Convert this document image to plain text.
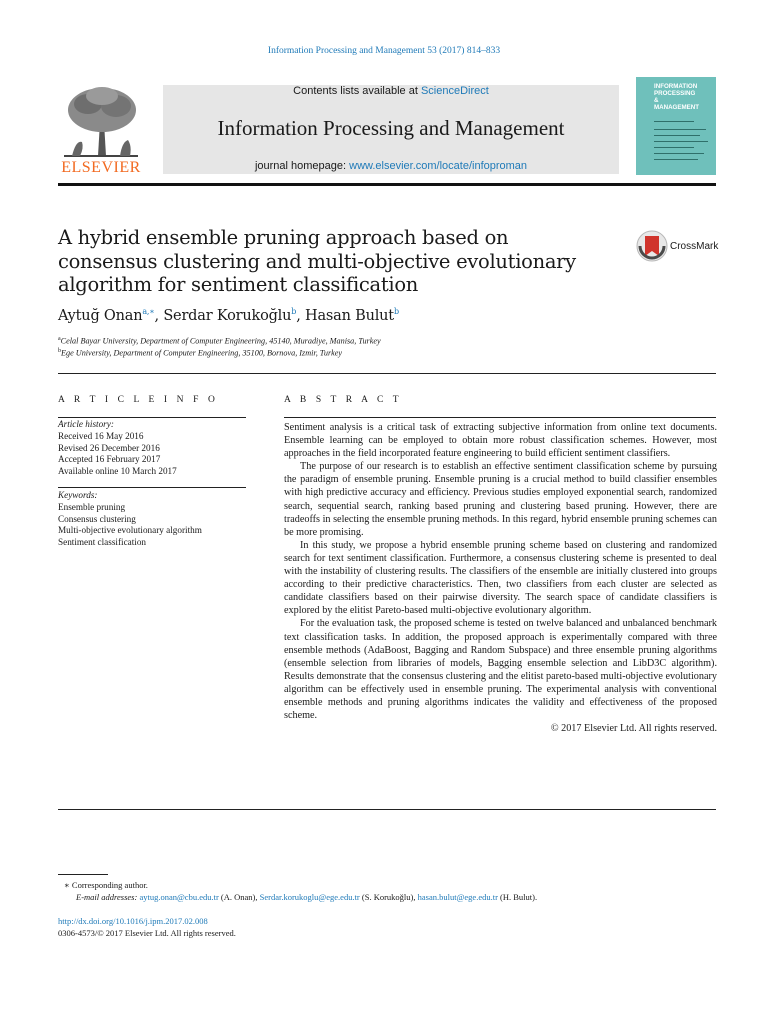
Information Processing and Management 53 (2017) 814–833
ELSEVIER
Contents lists available at ScienceDirect
Information Processing and Management
journal homepage: www.elsevier.com/locate/infoproman
INFORMATION
PROCESSING
&
MANAGEMENT
A hybrid ensemble pruning approach based on consensus clustering and multi-objective evolutionary algorithm for sentiment classification
CrossMark
Aytuğ Onan$^{a,∗}$, Serdar Korukoğlu$^b$, Hasan Bulut$^b$
$^a$Celal Bayar University, Department of Computer Engineering, 45140, Muradiye, Manisa, Turkey
$^b$Ege University, Department of Computer Engineering, 35100, Bornova, Izmir, Turkey
A R T I C L E I N F O
Article history:
Received 16 May 2016
Revised 26 December 2016
Accepted 16 February 2017
Available online 10 March 2017
Keywords:
Ensemble pruning
Consensus clustering
Multi-objective evolutionary algorithm
Sentiment classification
A B S T R A C T

Sentiment analysis is a critical task of extracting subjective information from online text documents. Ensemble learning can be employed to obtain more robust classification schemes. However, most approaches in the field incorporated feature engineering to build efficient sentiment classifiers.

The purpose of our research is to establish an effective sentiment classification scheme by pursuing the paradigm of ensemble pruning. Ensemble pruning is a crucial method to build classifier ensembles with high predictive accuracy and efficiency. Previous studies employed exponential search, randomized search, sequential search, ranking based pruning and clustering based pruning. However, there are tradeoffs in selecting the ensemble pruning methods. In this regard, hybrid ensemble pruning schemes can be more promising.

In this study, we propose a hybrid ensemble pruning scheme based on clustering and randomized search for text sentiment classification. Furthermore, a consensus clustering scheme is presented to deal with the instability of clustering results. The classifiers of the ensemble are initially clustered into groups according to their predictive characteristics. Then, two classifiers from each cluster are selected as candidate classifiers based on their pairwise diversity. The search space of candidate classifiers is explored by the elitist Pareto-based multi-objective evolutionary algorithm.

For the evaluation task, the proposed scheme is tested on twelve balanced and unbalanced benchmark text classification tasks. In addition, the proposed approach is experimentally compared with three ensemble methods (AdaBoost, Bagging and Random Subspace) and three ensemble pruning algorithms (ensemble selection from libraries of models, Bagging ensemble selection and LibD3C algorithm). Results demonstrate that the consensus clustering and the elitist pareto-based multi-objective evolutionary algorithm can be effectively used in ensemble pruning. The experimental analysis with conventional ensemble methods and pruning algorithms indicates the validity and effectiveness of the proposed scheme.

© 2017 Elsevier Ltd. All rights reserved.
∗ Corresponding author.
E-mail addresses: aytug.onan@cbu.edu.tr (A. Onan), Serdar.korukoglu@ege.edu.tr (S. Korukoğlu), hasan.bulut@ege.edu.tr (H. Bulut).
http://dx.doi.org/10.1016/j.ipm.2017.02.008
0306-4573/© 2017 Elsevier Ltd. All rights reserved.
